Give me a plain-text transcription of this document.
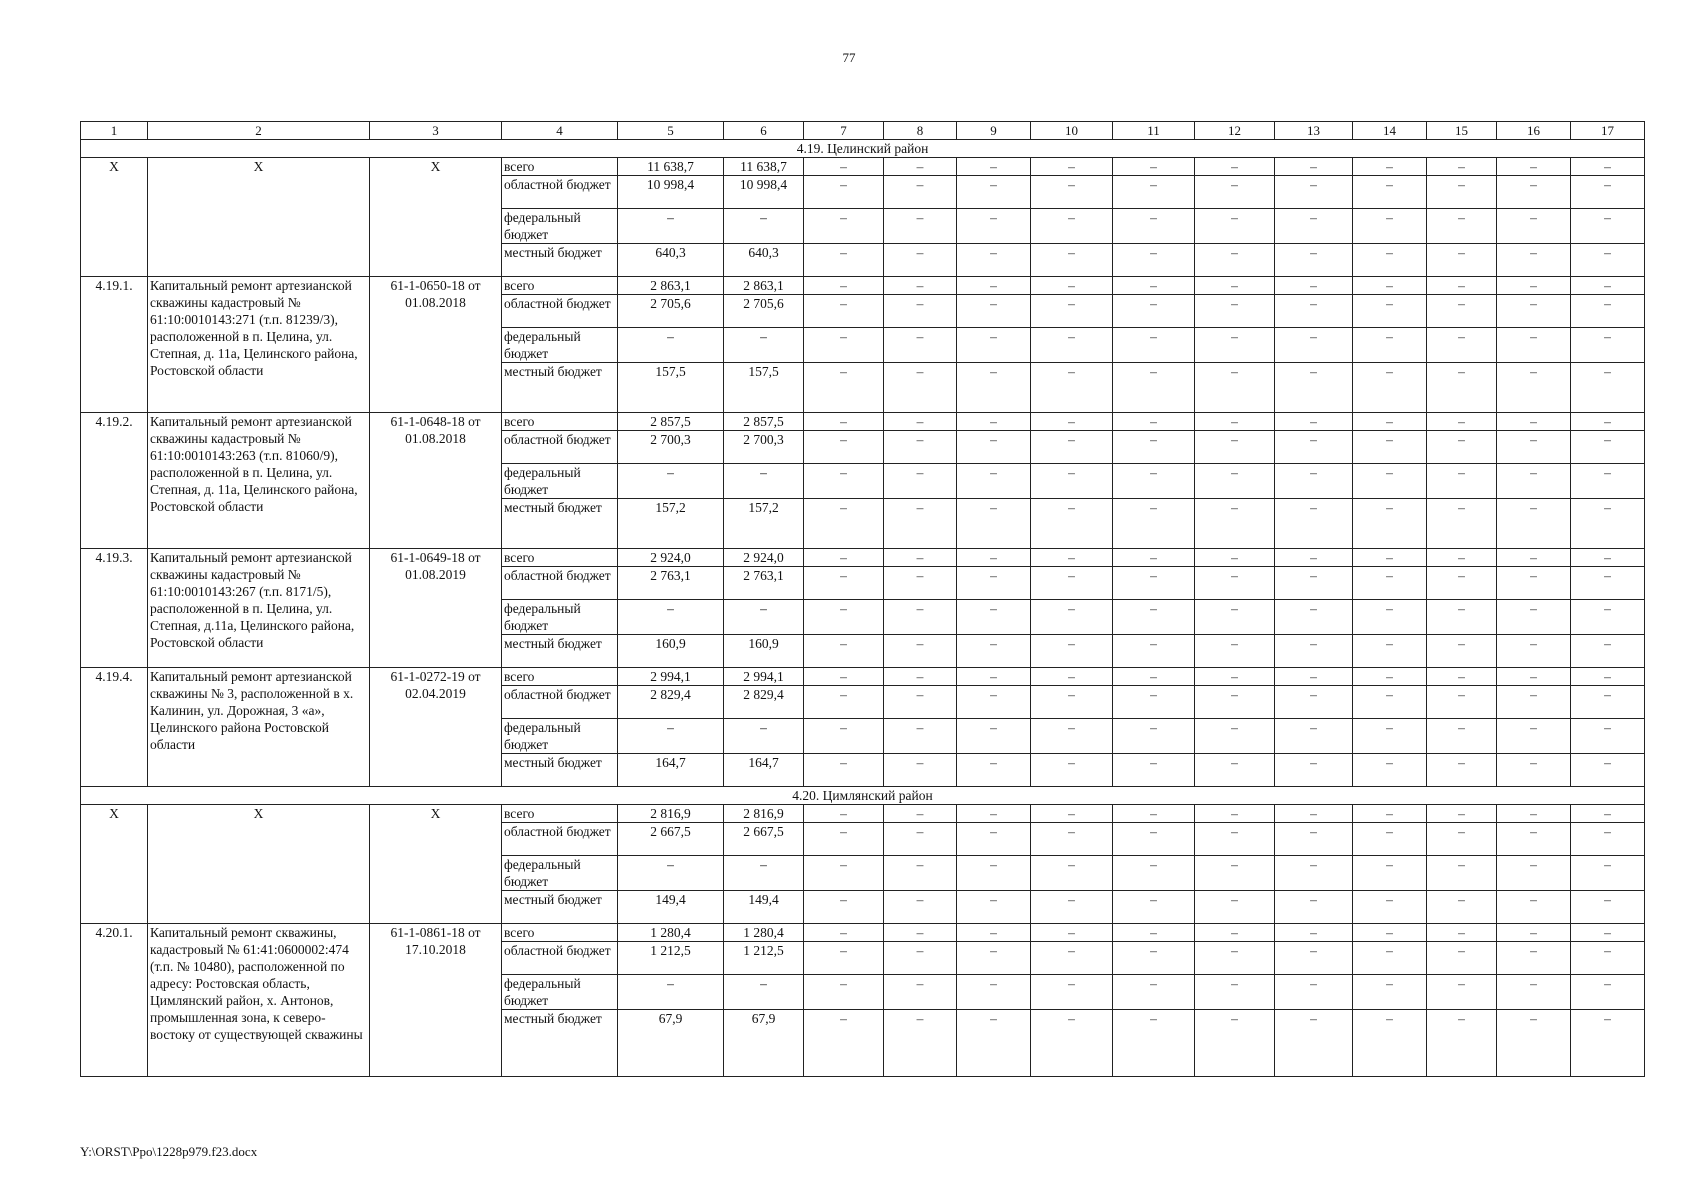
77
1	2	3	4	5	6	7	8	9	10	11	12	13	14	15	16	17
4.19. Целинский район																
Х	Х	Х	всего	11 638,7	11 638,7	–	–	–	–	–	–	–	–	–	–	–
			областной бюджет	10 998,4	10 998,4	–	–	–	–	–	–	–	–	–	–	–
			федеральный бюджет	–	–	–	–	–	–	–	–	–	–	–	–	–
			местный бюджет	640,3	640,3	–	–	–	–	–	–	–	–	–	–	–
4.19.1.	Капитальный ремонт артезианской скважины кадастровый № 61:10:0010143:271 (т.п. 81239/3), расположенной в п. Целина, ул. Степная, д. 11а, Целинского района, Ростовской области	61-1-0650-18 от 01.08.2018	всего	2 863,1	2 863,1	–	–	–	–	–	–	–	–	–	–	–
			областной бюджет	2 705,6	2 705,6	–	–	–	–	–	–	–	–	–	–	–
			федеральный бюджет	–	–	–	–	–	–	–	–	–	–	–	–	–
			местный бюджет	157,5	157,5	–	–	–	–	–	–	–	–	–	–	–
4.19.2.	Капитальный ремонт артезианской скважины кадастровый № 61:10:0010143:263 (т.п. 81060/9), расположенной в п. Целина, ул. Степная, д. 11а, Целинского района, Ростовской области	61-1-0648-18 от 01.08.2018	всего	2 857,5	2 857,5	–	–	–	–	–	–	–	–	–	–	–
			областной бюджет	2 700,3	2 700,3	–	–	–	–	–	–	–	–	–	–	–
			федеральный бюджет	–	–	–	–	–	–	–	–	–	–	–	–	–
			местный бюджет	157,2	157,2	–	–	–	–	–	–	–	–	–	–	–
4.19.3.	Капитальный ремонт артезианской скважины кадастровый № 61:10:0010143:267 (т.п. 8171/5), расположенной в п. Целина, ул. Степная, д.11а, Целинского района, Ростовской области	61-1-0649-18 от 01.08.2019	всего	2 924,0	2 924,0	–	–	–	–	–	–	–	–	–	–	–
			областной бюджет	2 763,1	2 763,1	–	–	–	–	–	–	–	–	–	–	–
			федеральный бюджет	–	–	–	–	–	–	–	–	–	–	–	–	–
			местный бюджет	160,9	160,9	–	–	–	–	–	–	–	–	–	–	–
4.19.4.	Капитальный ремонт артезианской скважины № 3, расположенной в х. Калинин, ул. Дорожная, 3 «а», Целинского района Ростовской области	61-1-0272-19 от 02.04.2019	всего	2 994,1	2 994,1	–	–	–	–	–	–	–	–	–	–	–
			областной бюджет	2 829,4	2 829,4	–	–	–	–	–	–	–	–	–	–	–
			федеральный бюджет	–	–	–	–	–	–	–	–	–	–	–	–	–
			местный бюджет	164,7	164,7	–	–	–	–	–	–	–	–	–	–	–
4.20. Цимлянский район																
Х	Х	Х	всего	2 816,9	2 816,9	–	–	–	–	–	–	–	–	–	–	–
			областной бюджет	2 667,5	2 667,5	–	–	–	–	–	–	–	–	–	–	–
			федеральный бюджет	–	–	–	–	–	–	–	–	–	–	–	–	–
			местный бюджет	149,4	149,4	–	–	–	–	–	–	–	–	–	–	–
4.20.1.	Капитальный ремонт скважины, кадастровый № 61:41:0600002:474 (т.п. № 10480), расположенной по адресу: Ростовская область, Цимлянский район, х. Антонов, промышленная зона, к северо-востоку от существующей скважины	61-1-0861-18 от 17.10.2018	всего	1 280,4	1 280,4	–	–	–	–	–	–	–	–	–	–	–
			областной бюджет	1 212,5	1 212,5	–	–	–	–	–	–	–	–	–	–	–
			федеральный бюджет	–	–	–	–	–	–	–	–	–	–	–	–	–
			местный бюджет	67,9	67,9	–	–	–	–	–	–	–	–	–	–	–
Y:\ORST\Ppo\1228p979.f23.docx
